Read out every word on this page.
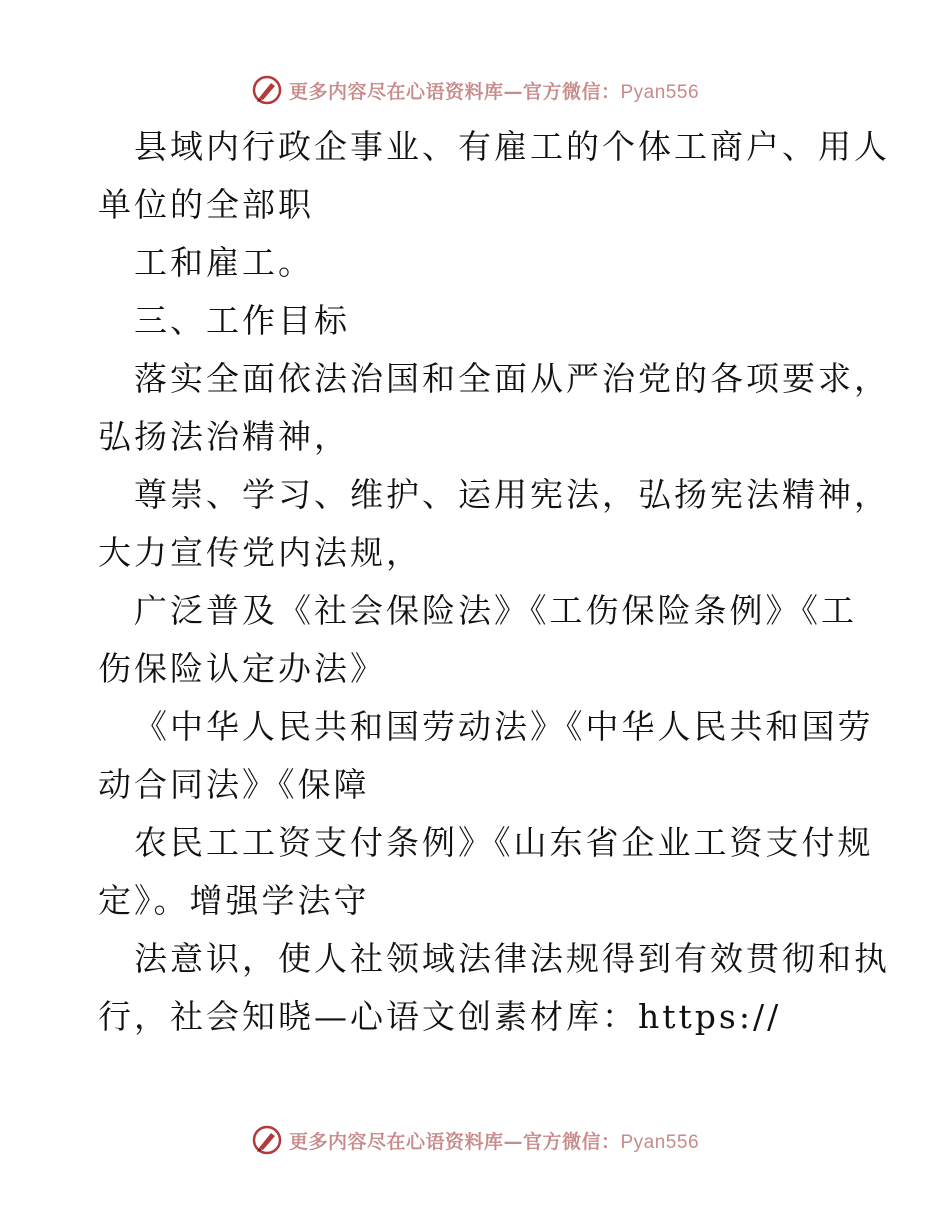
更多内容尽在心语资料库—官方微信：Pyan556
县域内行政企事业、有雇工的个体工商户、用人
单位的全部职
工和雇工。
三、工作目标
落实全面依法治国和全面从严治党的各项要求，
弘扬法治精神，
尊崇、学习、维护、运用宪法，弘扬宪法精神，
大力宣传党内法规，
广泛普及《社会保险法》《工伤保险条例》《工
伤保险认定办法》
《中华人民共和国劳动法》《中华人民共和国劳
动合同法》《保障
农民工工资支付条例》《山东省企业工资支付规
定》。增强学法守
法意识，使人社领域法律法规得到有效贯彻和执
行，社会知晓—心语文创素材库：https://
更多内容尽在心语资料库—官方微信：Pyan556
